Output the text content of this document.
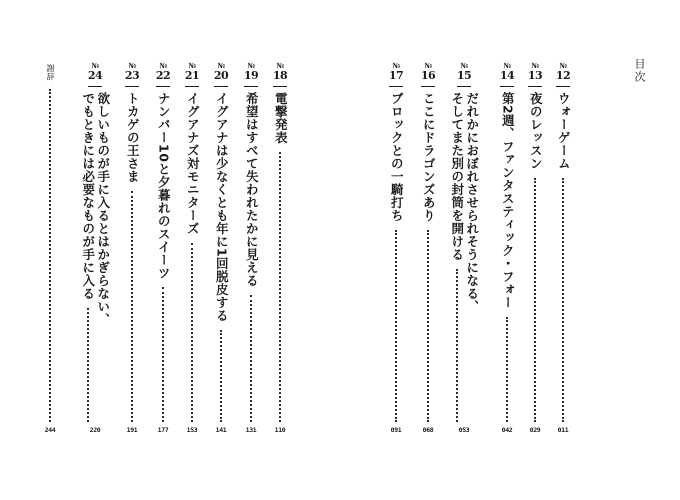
目次
№
12
ウォーゲーム
011
№
13
夜のレッスン
029
№
14
第2週、ファンタスティック・フォー
042
№
15
だれかにおぼれさせられそうになる、
そしてまた別の封筒を開ける
053
№
16
ここにドラゴンズあり
068
№
17
ブロックとの一騎打ち
091
№
18
電撃発表
110
№
19
希望はすべて失われたかに見える
131
№
20
イグアナは少なくとも年に1回脱皮する
141
№
21
イグアナズ対モニターズ
153
№
22
ナンバー10と夕暮れのスイーツ
177
№
23
トカゲの王さま
191
№
24
欲しいものが手に入るとはかぎらない、
でもときには必要なものが手に入る
220
謝辞
244
